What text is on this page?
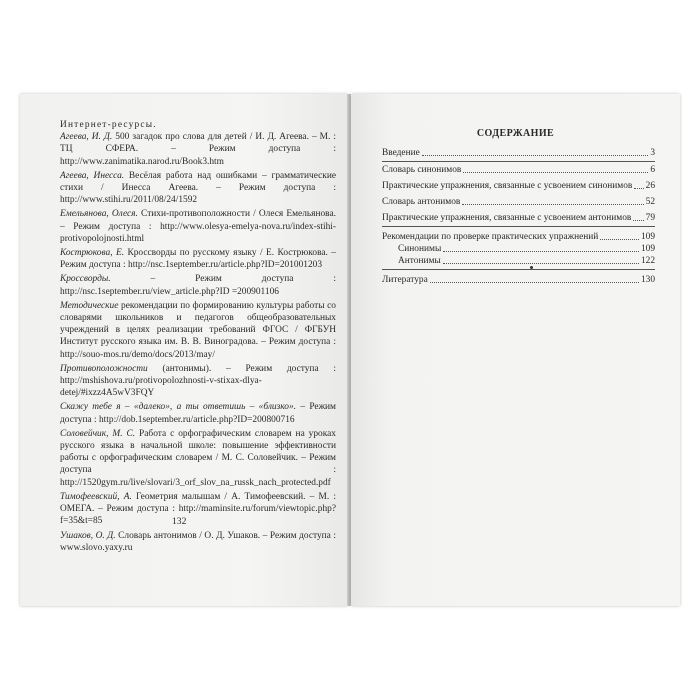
Интернет-ресурсы.
Агеева, И. Д. 500 загадок про слова для детей / И. Д. Агеева. – М. : ТЦ СФЕРА. – Режим доступа : http://www.zanimatika.narod.ru/Book3.htm
Агеева, Инесса. Весёлая работа над ошибками – грамматические стихи / Инесса Агеева. – Режим доступа : http://www.stihi.ru/2011/08/24/1592
Емельянова, Олеся. Стихи-противоположности / Олеся Емельянова. – Режим доступа : http://www.olesya-emelya-nova.ru/index-stihi-protivopolojnosti.html
Кострюкова, Е. Кроссворды по русскому языку / Е. Кострюкова. – Режим доступа : http://nsc.1september.ru/article.php?ID=201001203
Кроссворды. – Режим доступа : http://nsc.1september.ru/view_article.php?ID =200901106
Методические рекомендации по формированию культуры работы со словарями школьников и педагогов общеобразовательных учреждений в целях реализации требований ФГОС / ФГБУН Институт русского языка им. В. В. Виноградова. – Режим доступа : http://souo-mos.ru/demo/docs/2013/may/
Противоположности (антонимы). – Режим доступа : http://mshishova.ru/protivopolozhnosti-v-stixax-dlya-detej/#ixzz4A5wV3FQY
Скажу тебе я – «далеко», а ты ответишь – «близко». – Режим доступа : http://dob.1september.ru/article.php?ID=200800716
Соловейчик, М. С. Работа с орфографическим словарем на уроках русского языка в начальной школе: повышение эффективности работы с орфографическим словарем / М. С. Соловейчик. – Режим доступа : http://1520gym.ru/live/slovari/3_orf_slov_na_russk_nach_protected.pdf
Тимофеевский, А. Геометрия малышам / А. Тимофеевский. – М. : ОМЕГА. – Режим доступа : http://maminsite.ru/forum/viewtopic.php?f=35&t=85
Ушаков, О. Д. Словарь антонимов / О. Д. Ушаков. – Режим доступа : www.slovo.yaxy.ru
132
СОДЕРЖАНИЕ
Введение	3
Словарь синонимов	6
Практические упражнения, связанные с усвоением синонимов 26
Словарь антонимов	52
Практические упражнения, связанные с усвоением антонимов 79
Рекомендации по проверке практических упражнений	109
Синонимы	109
Антонимы	122
Литература	130
